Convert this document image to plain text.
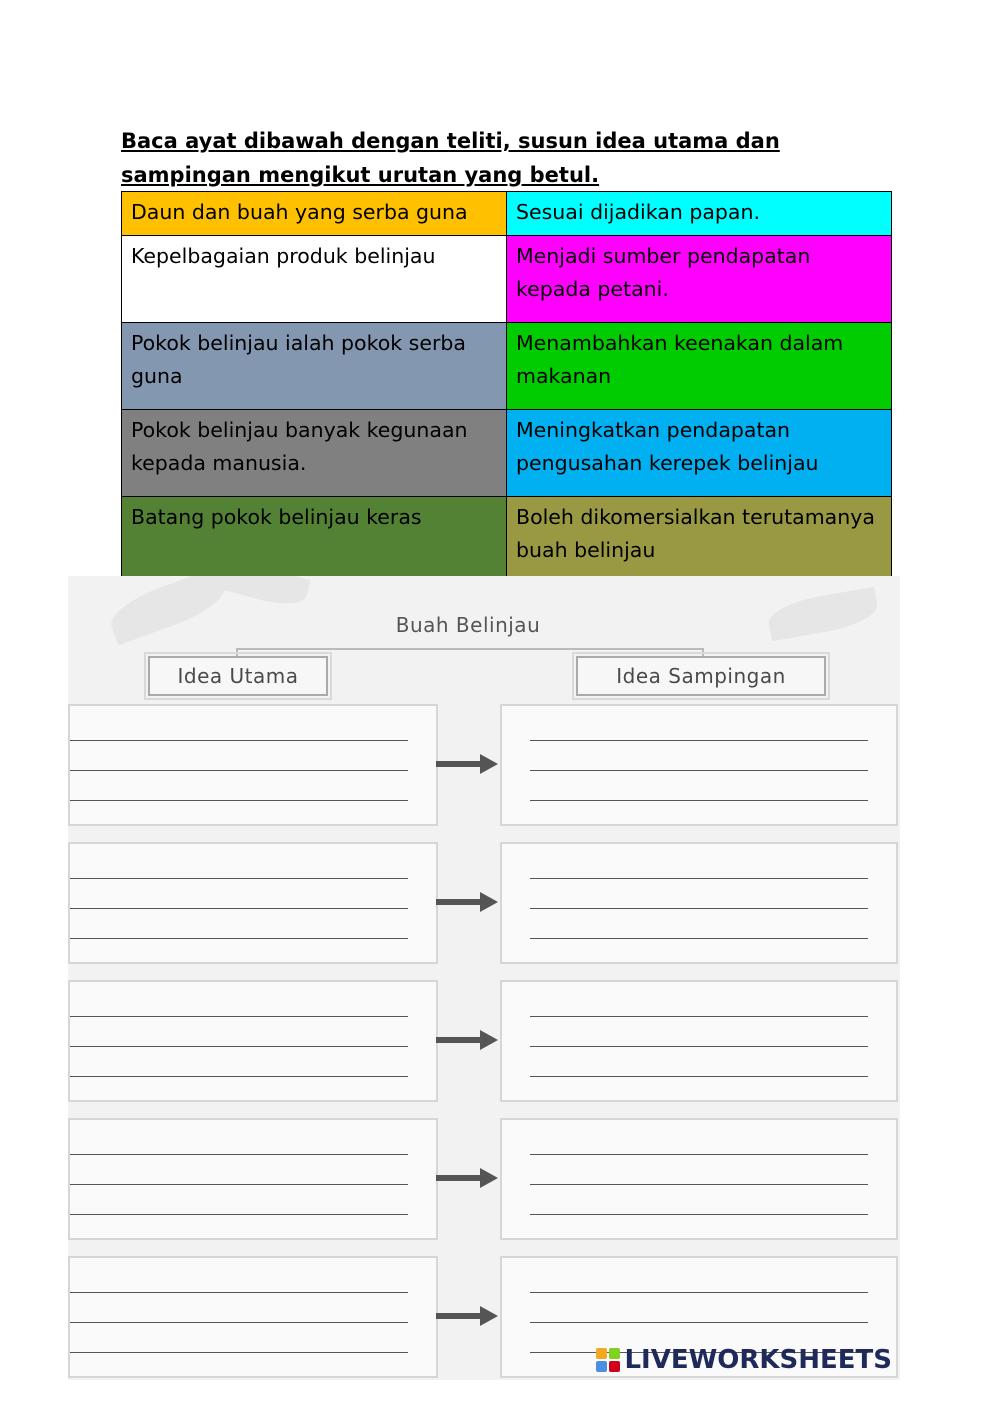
Baca ayat dibawah dengan teliti, susun idea utama dan sampingan mengikut urutan yang betul.

Daun dan buah yang serba guna	Sesuai dijadikan papan.
Kepelbagaian produk belinjau	Menjadi sumber pendapatan kepada petani.
Pokok belinjau ialah pokok serba guna	Menambahkan keenakan dalam makanan
Pokok belinjau banyak kegunaan kepada manusia.	Meningkatkan pendapatan pengusahan kerepek belinjau
Batang pokok belinjau keras	Boleh dikomersialkan terutamanya buah belinjau
Buah Belinjau
Idea Utama	Idea Sampingan
LIVEWORKSHEETS
